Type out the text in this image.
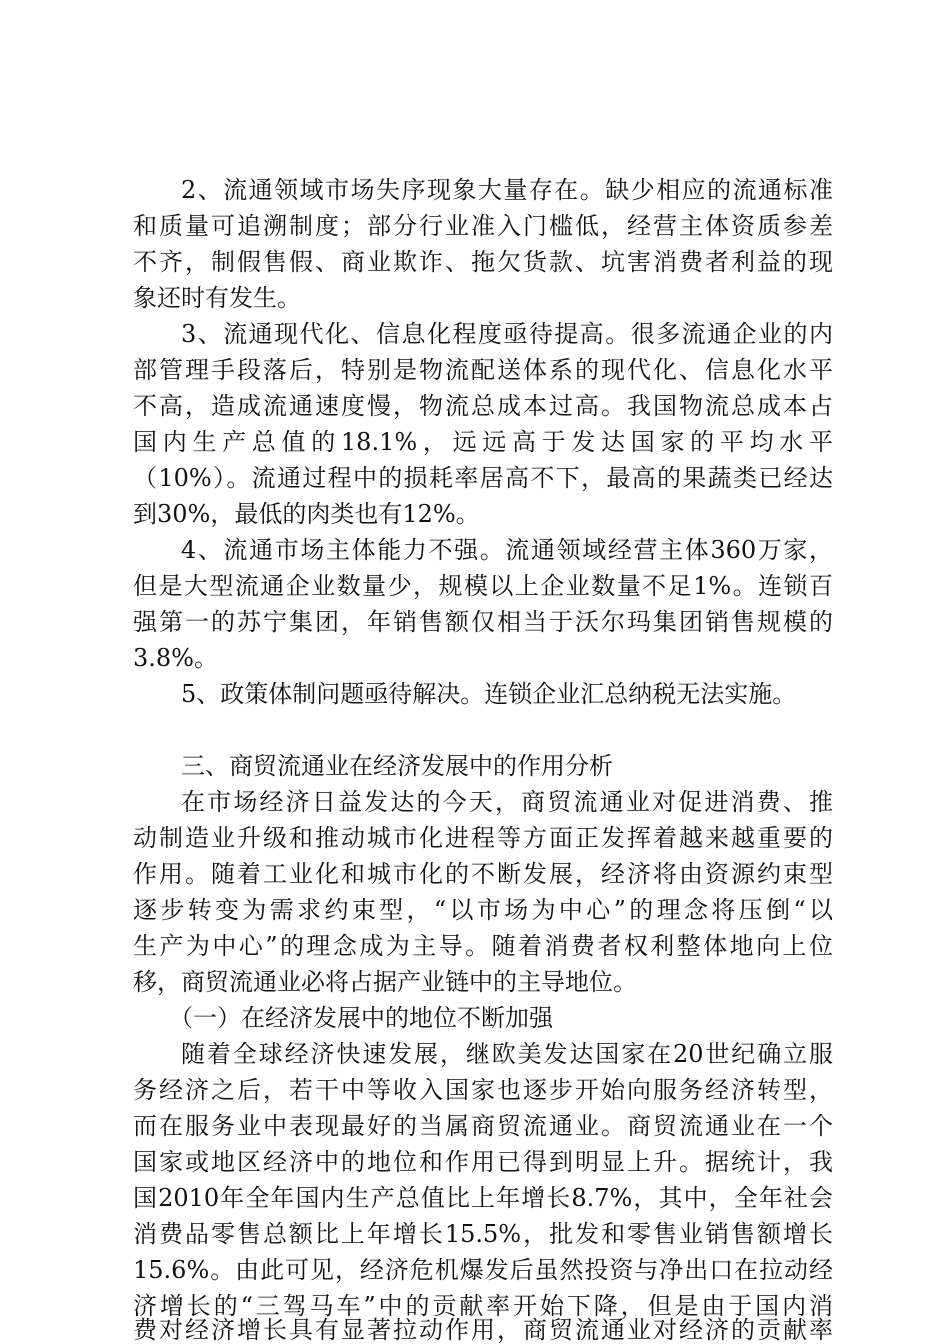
2、流通领域市场失序现象大量存在。缺少相应的流通标准
和质量可追溯制度；部分行业准入门槛低，经营主体资质参差
不齐，制假售假、商业欺诈、拖欠货款、坑害消费者利益的现
象还时有发生。
3、流通现代化、信息化程度亟待提高。很多流通企业的内
部管理手段落后，特别是物流配送体系的现代化、信息化水平
不高，造成流通速度慢，物流总成本过高。我国物流总成本占
国内生产总值的18.1%，远远高于发达国家的平均水平
（10%）。流通过程中的损耗率居高不下，最高的果蔬类已经达
到30%，最低的肉类也有12%。
4、流通市场主体能力不强。流通领域经营主体360万家，
但是大型流通企业数量少，规模以上企业数量不足1%。连锁百
强第一的苏宁集团，年销售额仅相当于沃尔玛集团销售规模的
3.8%。
5、政策体制问题亟待解决。连锁企业汇总纳税无法实施。
三、商贸流通业在经济发展中的作用分析
在市场经济日益发达的今天，商贸流通业对促进消费、推
动制造业升级和推动城市化进程等方面正发挥着越来越重要的
作用。随着工业化和城市化的不断发展，经济将由资源约束型
逐步转变为需求约束型，“以市场为中心”的理念将压倒“以
生产为中心”的理念成为主导。随着消费者权利整体地向上位
移，商贸流通业必将占据产业链中的主导地位。
（一）在经济发展中的地位不断加强
随着全球经济快速发展，继欧美发达国家在20世纪确立服
务经济之后，若干中等收入国家也逐步开始向服务经济转型，
而在服务业中表现最好的当属商贸流通业。商贸流通业在一个
国家或地区经济中的地位和作用已得到明显上升。据统计，我
国2010年全年国内生产总值比上年增长8.7%，其中，全年社会
消费品零售总额比上年增长15.5%，批发和零售业销售额增长
15.6%。由此可见，经济危机爆发后虽然投资与净出口在拉动经
济增长的“三驾马车”中的贡献率开始下降，但是由于国内消
费对经济增长具有显著拉动作用，商贸流通业对经济的贡献率
